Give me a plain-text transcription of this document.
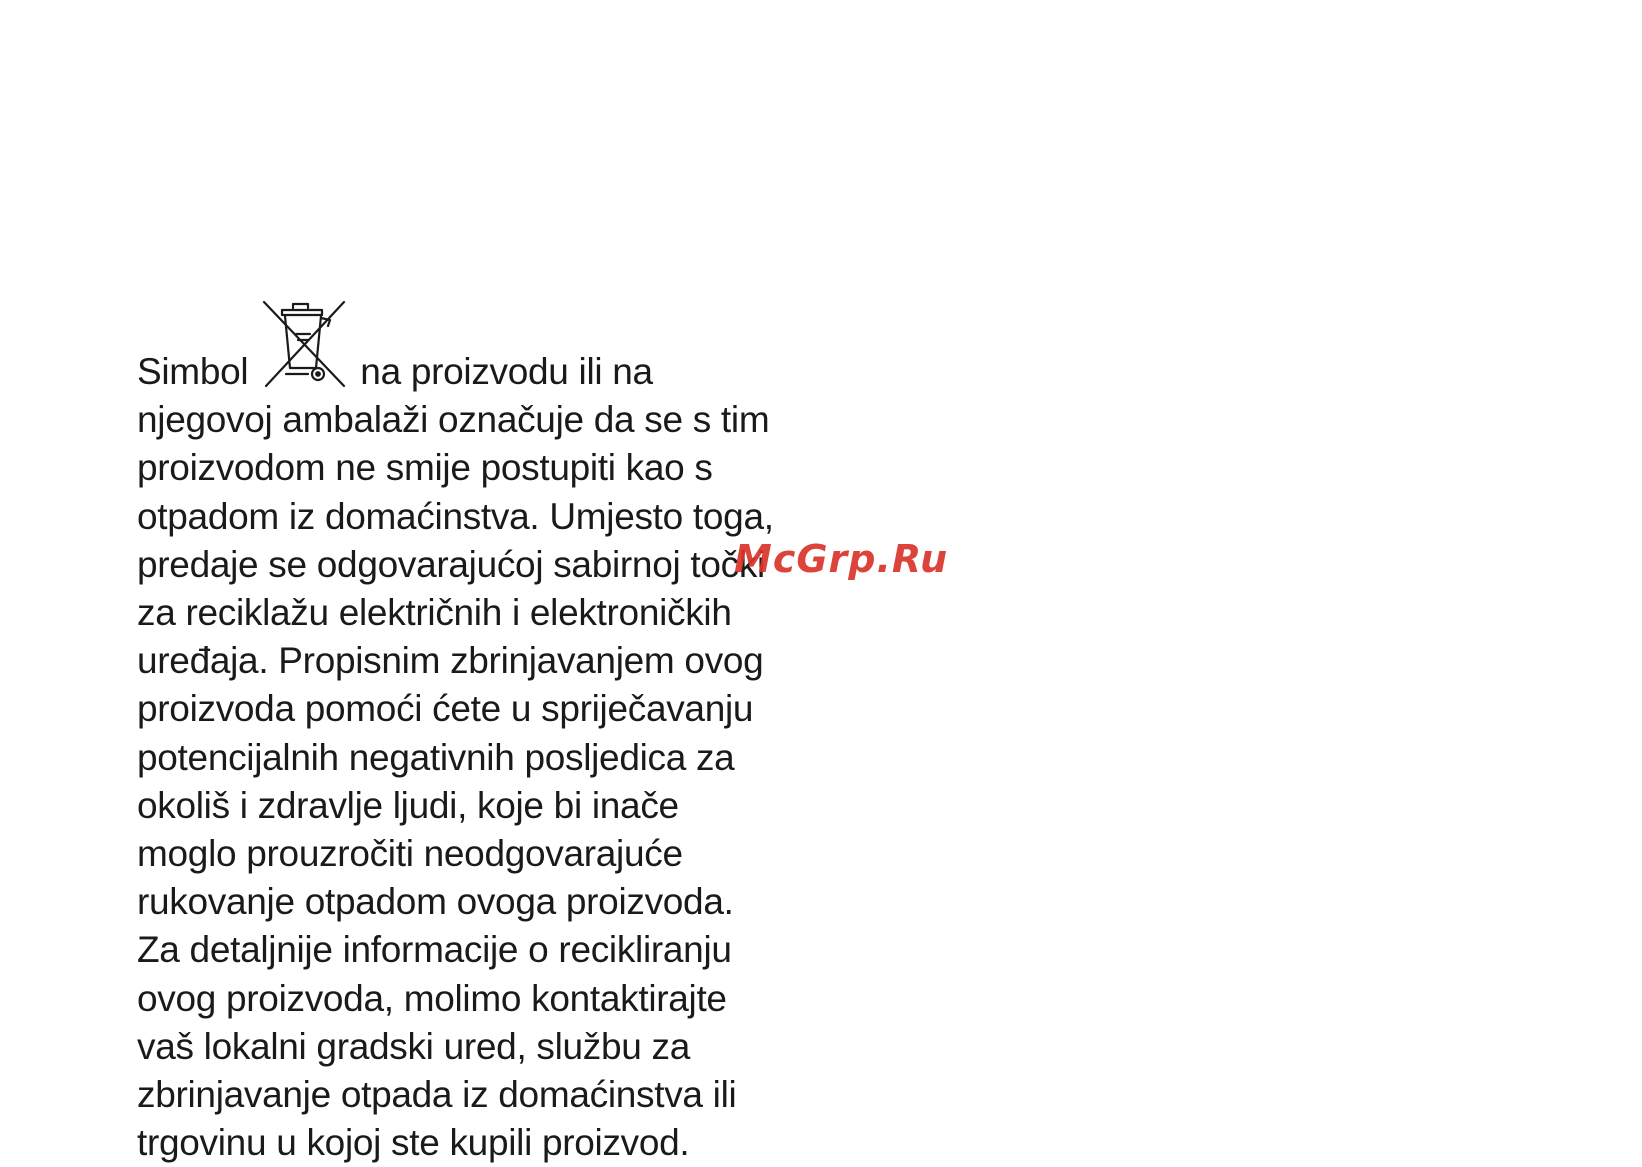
Simbol	na proizvodu ili na
njegovoj ambalaži označuje da se s tim
proizvodom ne smije postupiti kao s
otpadom iz domaćinstva. Umjesto toga,
predaje se odgovarajućoj sabirnoj točki
za reciklažu električnih i elektroničkih
uređaja. Propisnim zbrinjavanjem ovog
proizvoda pomoći ćete u spriječavanju
potencijalnih negativnih posljedica za
okoliš i zdravlje ljudi, koje bi inače
moglo prouzročiti neodgovarajuće
rukovanje otpadom ovoga proizvoda.
Za detaljnije informacije o recikliranju
ovog proizvoda, molimo kontaktirajte
vaš lokalni gradski ured, službu za
zbrinjavanje otpada iz domaćinstva ili
trgovinu u kojoj ste kupili proizvod.
McGrp.Ru
